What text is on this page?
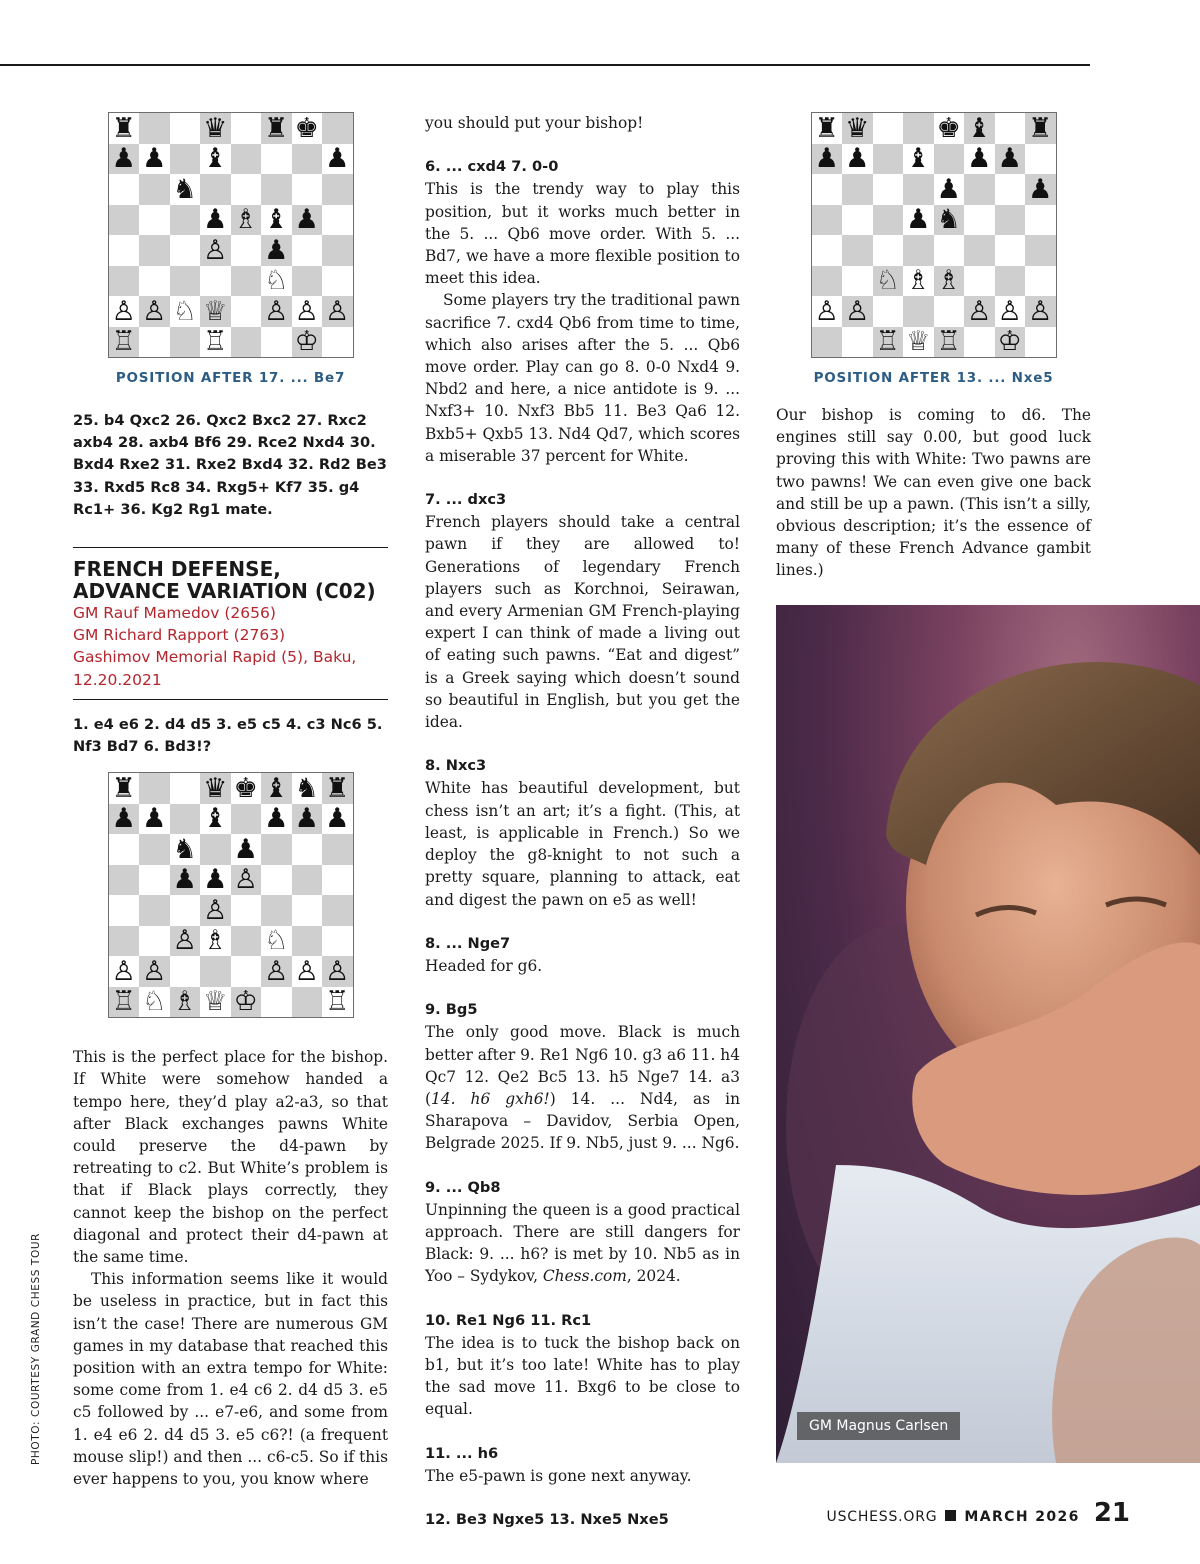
♜ ♛ ♜ ♚
♟ ♟ ♝	♟
♞
♟ ♗ ♝ ♟
♙ ♟
♘
♙ ♙ ♘ ♕ ♙ ♙ ♙
♖ ♖ ♔

POSITION AFTER 17. ... Be7

25. b4 Qxc2 26. Qxc2 Bxc2 27. Rxc2 axb4 28. axb4 Bf6 29. Rce2 Nxd4 30. Bxd4 Rxe2 31. Rxe2 Bxd4 32. Rd2 Be3 33. Rxd5 Rc8 34. Rxg5+ Kf7 35. g4 Rc1+ 36. Kg2 Rg1 mate.

FRENCH DEFENSE, ADVANCE VARIATION (C02)

GM Rauf Mamedov (2656)

GM Richard Rapport (2763)

Gashimov Memorial Rapid (5), Baku, 12.20.2021

1. e4 e6 2. d4 d5 3. e5 c5 4. c3 Nc6 5. Nf3 Bd7 6. Bd3!?

♜ ♛ ♚ ♝ ♞ ♜
♟ ♟ ♝ ♟ ♟ ♟
♞ ♟
♟ ♟ ♙
♙
♙ ♗ ♘
♙ ♙	♙ ♙ ♙
♖ ♘ ♗ ♕ ♔ ♖

This is the perfect place for the bishop. If White were somehow handed a tempo here, they’d play a2-a3, so that after Black exchanges pawns White could preserve the d4-pawn by retreating to c2. But White’s problem is that if Black plays correctly, they cannot keep the bishop on the perfect diagonal and protect their d4-pawn at the same time.

This information seems like it would be useless in practice, but in fact this isn’t the case! There are numerous GM games in my database that reached this position with an extra tempo for White: some come from 1. e4 c6 2. d4 d5 3. e5 c5 followed by ... e7-e6, and some from 1. e4 e6 2. d4 d5 3. e5 c6?! (a frequent mouse slip!) and then ... c6-c5. So if this ever happens to you, you know where

you should put your bishop!

6. ... cxd4 7. 0-0

This is the trendy way to play this position, but it works much better in the 5. ... Qb6 move order. With 5. ... Bd7, we have a more flexible position to meet this idea.

Some players try the traditional pawn sacrifice 7. cxd4 Qb6 from time to time, which also arises after the 5. ... Qb6 move order. Play can go 8. 0-0 Nxd4 9. Nbd2 and here, a nice antidote is 9. ... Nxf3+ 10. Nxf3 Bb5 11. Be3 Qa6 12. Bxb5+ Qxb5 13. Nd4 Qd7, which scores a miserable 37 percent for White.

7. ... dxc3

French players should take a central pawn if they are allowed to! Generations of legendary French players such as Korchnoi, Seirawan, and every Armenian GM French-playing expert I can think of made a living out of eating such pawns. “Eat and digest” is a Greek saying which doesn’t sound so beautiful in English, but you get the idea.

8. Nxc3

White has beautiful development, but chess isn’t an art; it’s a fight. (This, at least, is applicable in French.) So we deploy the g8-knight to not such a pretty square, planning to attack, eat and digest the pawn on e5 as well!

8. ... Nge7

Headed for g6.

9. Bg5

The only good move. Black is much better after 9. Re1 Ng6 10. g3 a6 11. h4 Qc7 12. Qe2 Bc5 13. h5 Nge7 14. a3 (14. h6 gxh6!) 14. ... Nd4, as in Sharapova – Davidov, Serbia Open, Belgrade 2025. If 9. Nb5, just 9. ... Ng6.

9. ... Qb8

Unpinning the queen is a good practical approach. There are still dangers for Black: 9. ... h6? is met by 10. Nb5 as in Yoo – Sydykov, Chess.com, 2024.

10. Re1 Ng6 11. Rc1

The idea is to tuck the bishop back on b1, but it’s too late! White has to play the sad move 11. Bxg6 to be close to equal.

11. ... h6

The e5-pawn is gone next anyway.

12. Be3 Ngxe5 13. Nxe5 Nxe5

♜ ♛ ♚ ♝ ♜
♟ ♟ ♝ ♟ ♟
♟ ♟
♟ ♞
♘ ♗ ♗
♙ ♙	♙ ♙ ♙
♖ ♕ ♖ ♔

POSITION AFTER 13. ... Nxe5

Our bishop is coming to d6. The engines still say 0.00, but good luck proving this with White: Two pawns are two pawns! We can even give one back and still be up a pawn. (This isn’t a silly, obvious description; it’s the essence of many of these French Advance gambit lines.)

GM Magnus Carlsen
PHOTO: COURTESY GRAND CHESS TOUR
USCHESS.ORG MARCH 2026 21
